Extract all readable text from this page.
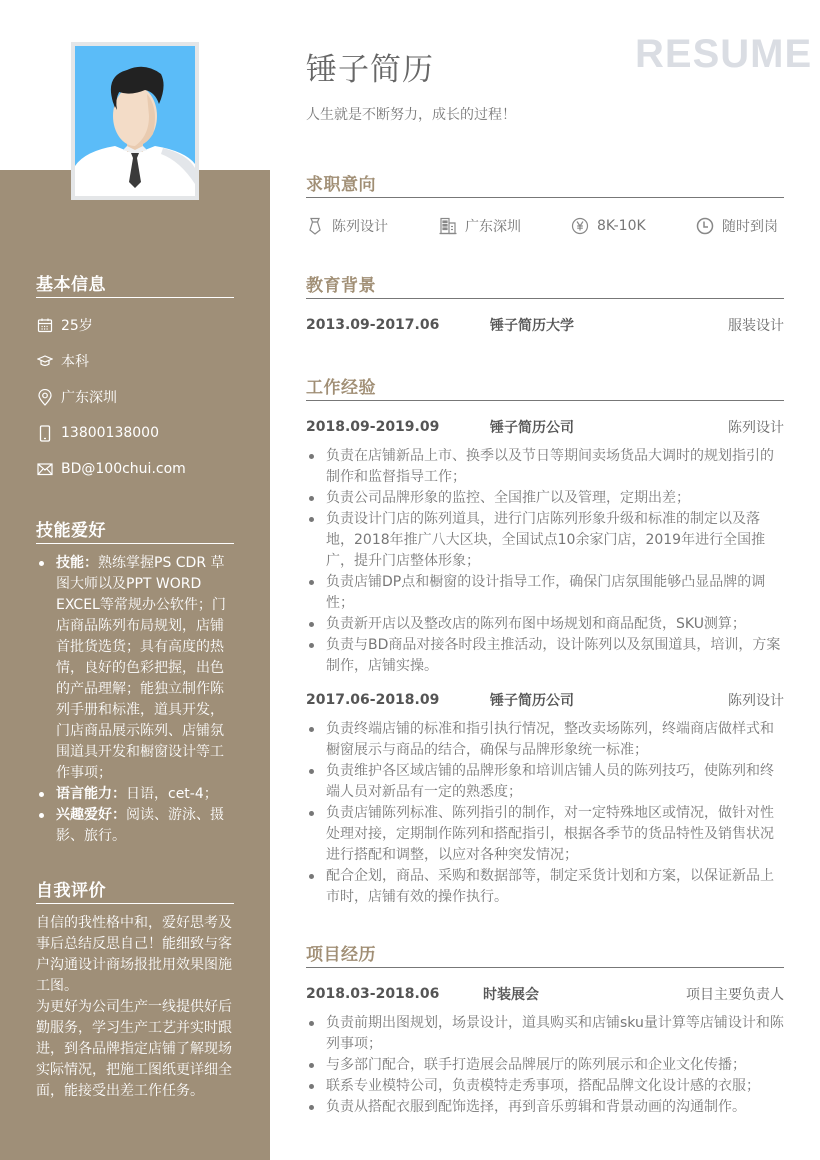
锤子简历	RESUME
人生就是不断努力，成长的过程！
基本信息
25岁
本科
广东深圳
13800138000
BD@100chui.com
技能爱好
技能：熟练掌握PS CDR 草图大师以及PPT WORD EXCEL等常规办公软件；门店商品陈列布局规划，店铺首批货选货；具有高度的热情，良好的色彩把握，出色的产品理解；能独立制作陈列手册和标准，道具开发，门店商品展示陈列、店铺氛围道具开发和橱窗设计等工作事项；
语言能力：日语，cet-4；
兴趣爱好：阅读、游泳、摄影、旅行。
自我评价

自信的我性格中和，爱好思考及事后总结反思自己！能细致与客户沟通设计商场报批用效果图施工图。

为更好为公司生产一线提供好后勤服务，学习生产工艺并实时跟进，到各品牌指定店铺了解现场实际情况，把施工图纸更详细全面，能接受出差工作任务。

求职意向
陈列设计	广东深圳	8K-10K	随时到岗
教育背景
2013.09-2017.06	锤子简历大学	服装设计
工作经验
2018.09-2019.09	锤子简历公司	陈列设计
负责在店铺新品上市、换季以及节日等期间卖场货品大调时的规划指引的制作和监督指导工作；
负责公司品牌形象的监控、全国推广以及管理，定期出差；
负责设计门店的陈列道具，进行门店陈列形象升级和标准的制定以及落地，2018年推广八大区块，全国试点10余家门店，2019年进行全国推广，提升门店整体形象；
负责店铺DP点和橱窗的设计指导工作，确保门店氛围能够凸显品牌的调性；
负责新开店以及整改店的陈列布图中场规划和商品配货，SKU测算；
负责与BD商品对接各时段主推活动，设计陈列以及氛围道具，培训，方案制作，店铺实操。
2017.06-2018.09	锤子简历公司	陈列设计
负责终端店铺的标准和指引执行情况，整改卖场陈列，终端商店做样式和橱窗展示与商品的结合，确保与品牌形象统一标准；
负责维护各区域店铺的品牌形象和培训店铺人员的陈列技巧，使陈列和终端人员对新品有一定的熟悉度；
负责店铺陈列标准、陈列指引的制作，对一定特殊地区或情况，做针对性处理对接，定期制作陈列和搭配指引，根据各季节的货品特性及销售状况进行搭配和调整，以应对各种突发情况；
配合企划，商品、采购和数据部等，制定采货计划和方案，以保证新品上市时，店铺有效的操作执行。
项目经历
2018.03-2018.06	时装展会	项目主要负责人
负责前期出图规划，场景设计，道具购买和店铺sku量计算等店铺设计和陈列事项；
与多部门配合，联手打造展会品牌展厅的陈列展示和企业文化传播；
联系专业模特公司，负责模特走秀事项，搭配品牌文化设计感的衣服；
负责从搭配衣服到配饰选择，再到音乐剪辑和背景动画的沟通制作。
